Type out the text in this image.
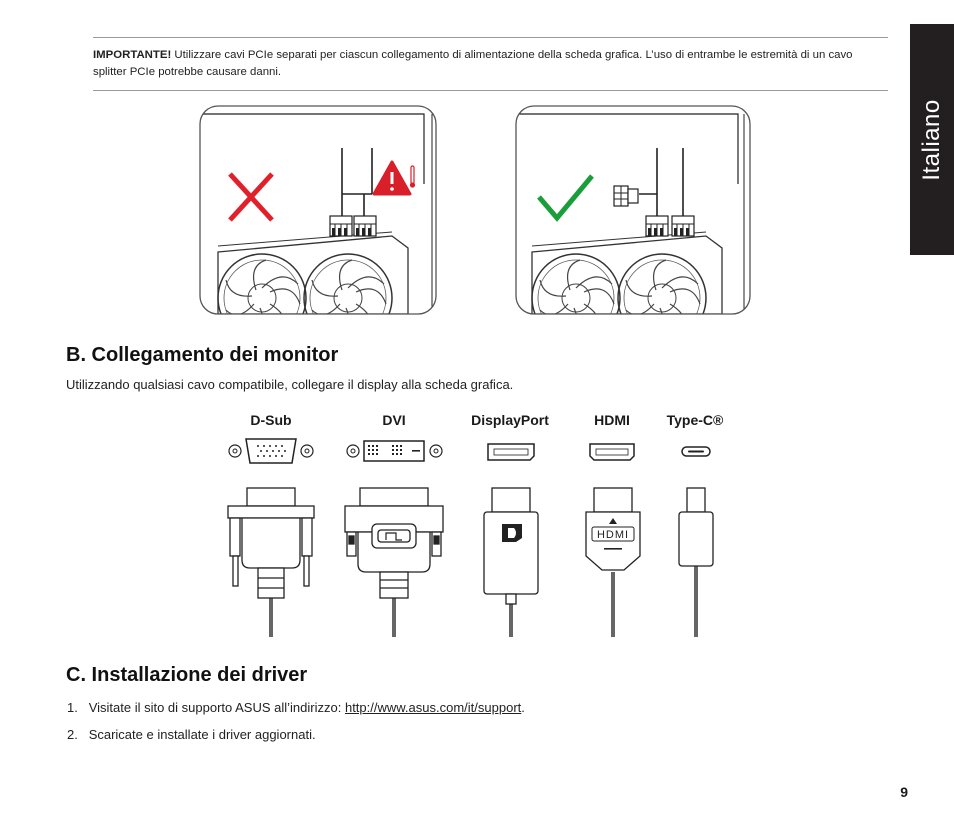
IMPORTANTE! Utilizzare cavi PCIe separati per ciascun collegamento di alimentazione della scheda grafica. L’uso di entrambe le estremità di un cavo splitter PCIe potrebbe causare danni.
Italiano
B. Collegamento dei monitor
Utilizzando qualsiasi cavo compatibile, collegare il display alla scheda grafica.
D-Sub	DVI	DisplayPort	HDMI	Type-C®
HDMI
C. Installazione dei driver
1. Visitate il sito di supporto ASUS all’indirizzo: http://www.asus.com/it/support.
2. Scaricate e installate i driver aggiornati.
9
